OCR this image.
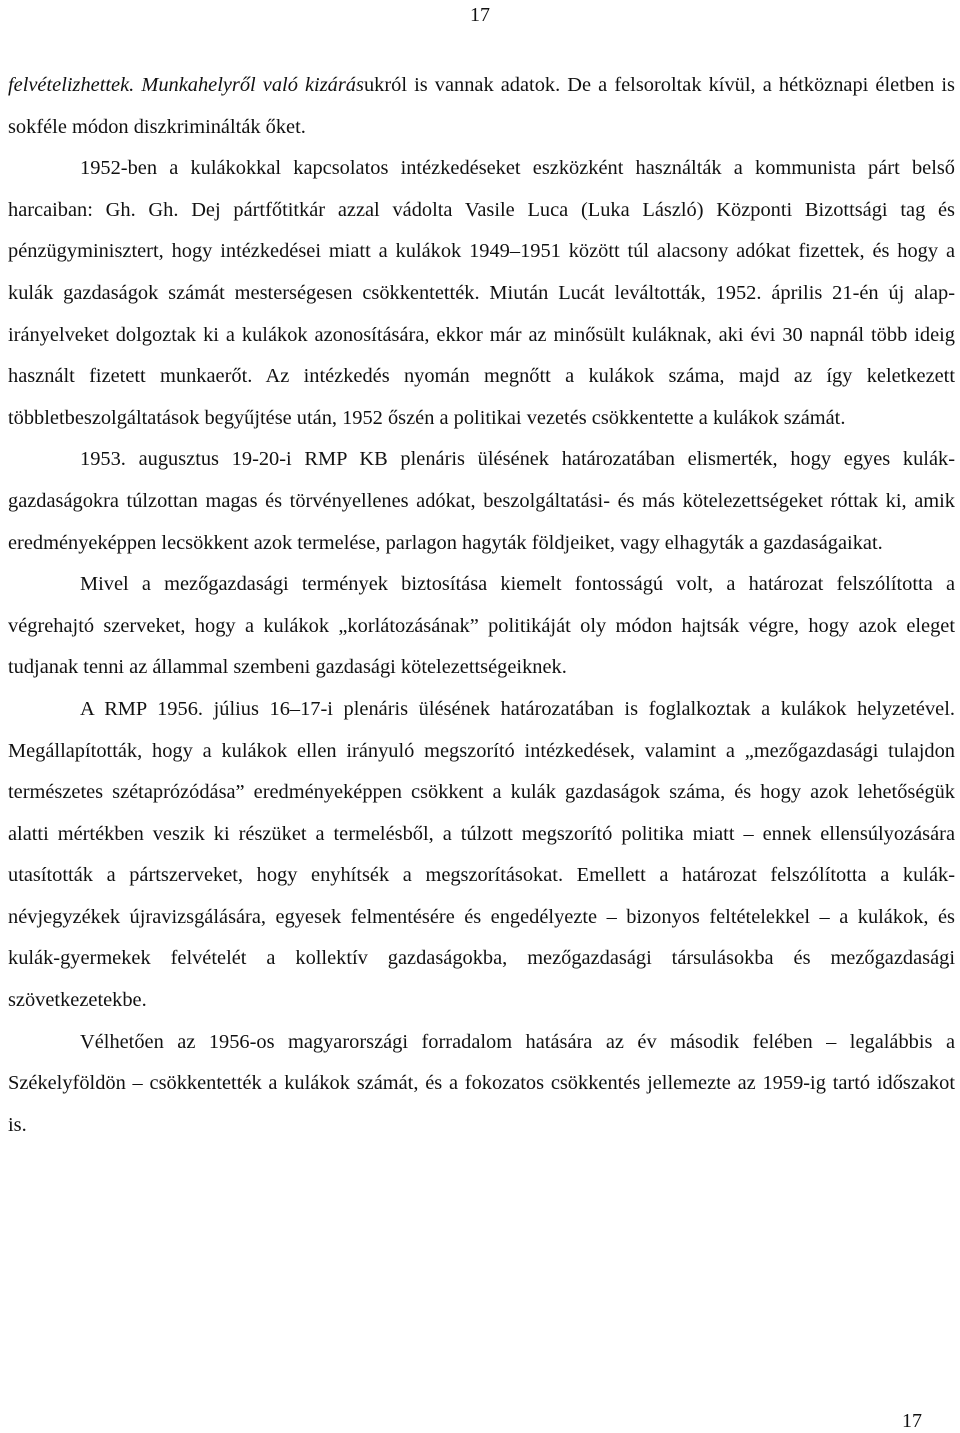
17

felvételizhettek. Munkahelyről való kizárásukról is vannak adatok. De a felsoroltak kívül, a hétköznapi életben is sokféle módon diszkriminálták őket.

1952-ben a kulákokkal kapcsolatos intézkedéseket eszközként használták a kommunista párt belső harcaiban: Gh. Gh. Dej pártfőtitkár azzal vádolta Vasile Luca (Luka László) Központi Bizottsági tag és pénzügyminisztert, hogy intézkedései miatt a kulákok 1949–1951 között túl alacsony adókat fizettek, és hogy a kulák gazdaságok számát mesterségesen csökkentették. Miután Lucát leváltották, 1952. április 21-én új alap-irányelveket dolgoztak ki a kulákok azonosítására, ekkor már az minősült kuláknak, aki évi 30 napnál több ideig használt fizetett munkaerőt. Az intézkedés nyomán megnőtt a kulákok száma, majd az így keletkezett többletbeszolgáltatások begyűjtése után, 1952 őszén a politikai vezetés csökkentette a kulákok számát.

1953. augusztus 19-20-i RMP KB plenáris ülésének határozatában elismerték, hogy egyes kulák-gazdaságokra túlzottan magas és törvényellenes adókat, beszolgáltatási- és más kötelezettségeket róttak ki, amik eredményeképpen lecsökkent azok termelése, parlagon hagyták földjeiket, vagy elhagyták a gazdaságaikat.

Mivel a mezőgazdasági termények biztosítása kiemelt fontosságú volt, a határozat felszólította a végrehajtó szerveket, hogy a kulákok „korlátozásának” politikáját oly módon hajtsák végre, hogy azok eleget tudjanak tenni az állammal szembeni gazdasági kötelezettségeiknek.

A RMP 1956. július 16–17-i plenáris ülésének határozatában is foglalkoztak a kulákok helyzetével. Megállapították, hogy a kulákok ellen irányuló megszorító intézkedések, valamint a „mezőgazdasági tulajdon természetes szétaprózódása” eredményeképpen csökkent a kulák gazdaságok száma, és hogy azok lehetőségük alatti mértékben veszik ki részüket a termelésből, a túlzott megszorító politika miatt – ennek ellensúlyozására utasították a pártszerveket, hogy enyhítsék a megszorításokat. Emellett a határozat felszólította a kulák-névjegyzékek újravizsgálására, egyesek felmentésére és engedélyezte – bizonyos feltételekkel – a kulákok, és kulák-gyermekek felvételét a kollektív gazdaságokba, mezőgazdasági társulásokba és mezőgazdasági szövetkezetekbe.

Vélhetően az 1956-os magyarországi forradalom hatására az év második felében – legalábbis a Székelyföldön – csökkentették a kulákok számát, és a fokozatos csökkentés jellemezte az 1959-ig tartó időszakot is.

17
